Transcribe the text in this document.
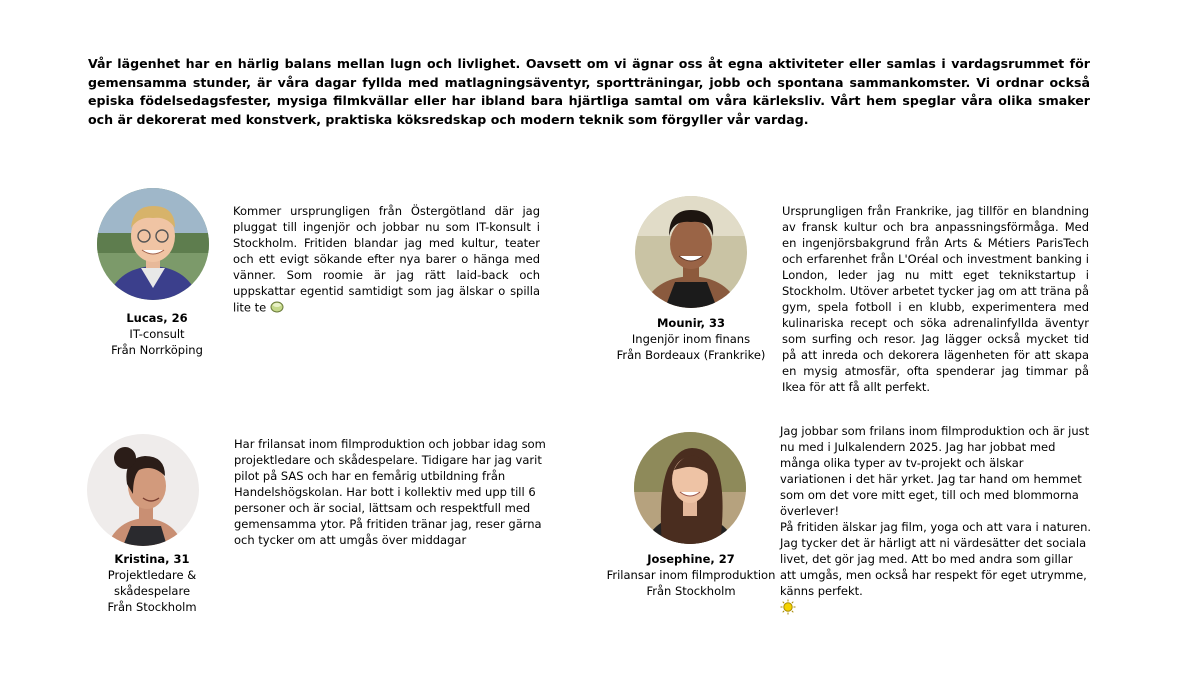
Vår lägenhet har en härlig balans mellan lugn och livlighet. Oavsett om vi ägnar oss åt egna aktiviteter eller samlas i vardagsrummet för gemensamma stunder, är våra dagar fyllda med matlagningsäventyr, sportträningar, jobb och spontana sammankomster. Vi ordnar också episka födelsedagsfester, mysiga filmkvällar eller har ibland bara hjärtliga samtal om våra kärleksliv. Vårt hem speglar våra olika smaker och är dekorerat med konstverk, praktiska köksredskap och modern teknik som förgyller vår vardag.

Lucas, 26
IT-consult
Från Norrköping

Kommer ursprungligen från Östergötland där jag pluggat till ingenjör och jobbar nu som IT-konsult i Stockholm. Fritiden blandar jag med kultur, teater och ett evigt sökande efter nya barer o hänga med vänner. Som roomie är jag rätt laid-back och uppskattar egentid samtidigt som jag älskar o spilla lite te

Mounir, 33
Ingenjör inom finans
Från Bordeaux (Frankrike)

Ursprungligen från Frankrike, jag tillför en blandning av fransk kultur och bra anpassningsförmåga. Med en ingenjörsbakgrund från Arts & Métiers ParisTech och erfarenhet från L'Oréal och investment banking i London, leder jag nu mitt eget teknikstartup i Stockholm. Utöver arbetet tycker jag om att träna på gym, spela fotboll i en klubb, experimentera med kulinariska recept och söka adrenalinfyllda äventyr som surfing och resor. Jag lägger också mycket tid på att inreda och dekorera lägenheten för att skapa en mysig atmosfär, ofta spenderar jag timmar på Ikea för att få allt perfekt.

Kristina, 31
Projektledare & skådespelare
Från Stockholm

Har frilansat inom filmproduktion och jobbar idag som projektledare och skådespelare. Tidigare har jag varit pilot på SAS och har en femårig utbildning från Handelshögskolan. Har bott i kollektiv med upp till 6 personer och är social, lättsam och respektfull med gemensamma ytor. På fritiden tränar jag, reser gärna och tycker om att umgås över middagar

Josephine, 27
Frilansar inom filmproduktion
Från Stockholm
Jag jobbar som frilans inom filmproduktion och är just nu med i Julkalendern 2025. Jag har jobbat med många olika typer av tv-projekt och älskar variationen i det här yrket. Jag tar hand om hemmet som om det vore mitt eget, till och med blommorna överlever!
På fritiden älskar jag film, yoga och att vara i naturen. Jag tycker det är härligt att ni värdesätter det sociala livet, det gör jag med. Att bo med andra som gillar att umgås, men också har respekt för eget utrymme, känns perfekt.
